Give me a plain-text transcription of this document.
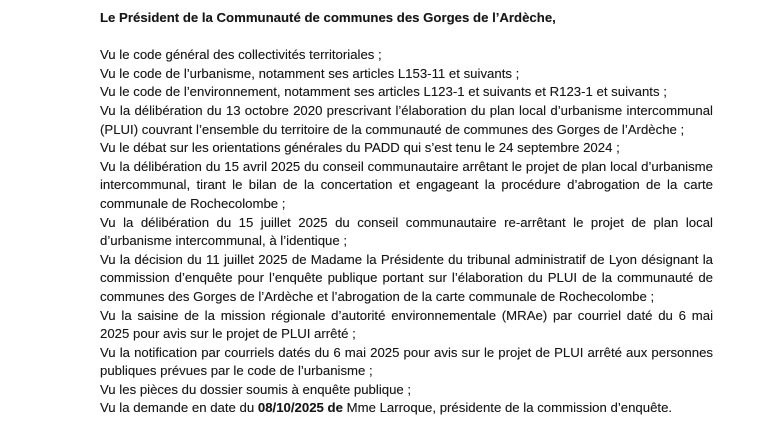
Le Président de la Communauté de communes des Gorges de l’Ardèche,

Vu le code général des collectivités territoriales ;

Vu le code de l’urbanisme, notamment ses articles L153-11 et suivants ;

Vu le code de l’environnement, notamment ses articles L123-1 et suivants et R123-1 et suivants ;

Vu la délibération du 13 octobre 2020 prescrivant l’élaboration du plan local d’urbanisme intercommunal (PLUI) couvrant l’ensemble du territoire de la communauté de communes des Gorges de l’Ardèche ;

Vu le débat sur les orientations générales du PADD qui s’est tenu le 24 septembre 2024 ;

Vu la délibération du 15 avril 2025 du conseil communautaire arrêtant le projet de plan local d’urbanisme intercommunal, tirant le bilan de la concertation et engageant la procédure d’abrogation de la carte communale de Rochecolombe ;

Vu la délibération du 15 juillet 2025 du conseil communautaire re-arrêtant le projet de plan local d’urbanisme intercommunal, à l’identique ;

Vu la décision du 11 juillet 2025 de Madame la Présidente du tribunal administratif de Lyon désignant la commission d’enquête pour l’enquête publique portant sur l’élaboration du PLUI de la communauté de communes des Gorges de l’Ardèche et l’abrogation de la carte communale de Rochecolombe ;

Vu la saisine de la mission régionale d’autorité environnementale (MRAe) par courriel daté du 6 mai 2025 pour avis sur le projet de PLUI arrêté ;

Vu la notification par courriels datés du 6 mai 2025 pour avis sur le projet de PLUI arrêté aux personnes publiques prévues par le code de l’urbanisme ;

Vu les pièces du dossier soumis à enquête publique ;

Vu la demande en date du 08/10/2025 de Mme Larroque, présidente de la commission d’enquête.
